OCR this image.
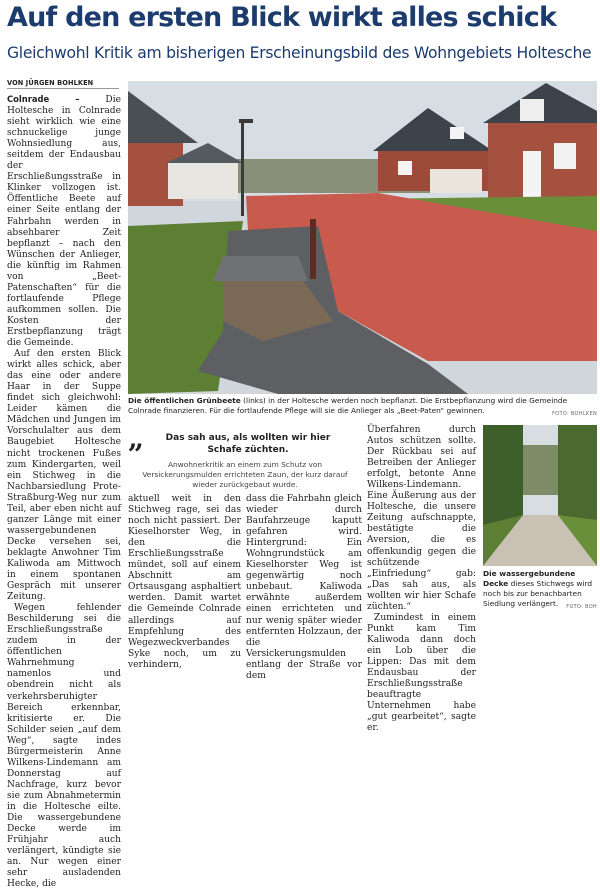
Auf den ersten Blick wirkt alles schick
Gleichwohl Kritik am bisherigen Erscheinungsbild des Wohngebiets Holtesche
VON JÜRGEN BOHLKEN

Colnrade – Die Holtesche in Colnrade sieht wirklich wie eine schnuckelige junge Wohnsiedlung aus, seitdem der Endausbau der Erschließungsstraße in Klinker vollzogen ist. Öffentliche Beete auf einer Seite entlang der Fahrbahn werden in absehbarer Zeit bepflanzt – nach den Wünschen der Anlieger, die künftig im Rahmen von „Beet-Patenschaften“ für die fortlaufende Pflege aufkommen sollen. Die Kosten der Erstbepflanzung trägt die Gemeinde.

Auf den ersten Blick wirkt alles schick, aber das eine oder andere Haar in der Suppe findet sich gleichwohl: Leider kämen die Mädchen und Jungen im Vorschulalter aus dem Baugebiet Holtesche nicht trockenen Fußes zum Kindergarten, weil ein Stichweg in die Nachbarsiedlung Prote-Straßburg-Weg nur zum Teil, aber eben nicht auf ganzer Länge mit einer wassergebundenen Decke versehen sei, beklagte Anwohner Tim Kaliwoda am Mittwoch in einem spontanen Gespräch mit unserer Zeitung.

Wegen fehlender Beschilderung sei die Erschließungsstraße zudem in der öffentlichen Wahrnehmung namenlos und obendrein nicht als verkehrsberuhigter Bereich erkennbar, kritisierte er. Die Schilder seien „auf dem Weg“, sagte indes Bürgermeisterin Anne Wilkens-Lindemann am Donnerstag auf Nachfrage, kurz bevor sie zum Abnahmetermin in die Holtesche eilte. Die wassergebundene Decke werde im Frühjahr auch verlängert, kündigte sie an. Nur wegen einer sehr ausladenden Hecke, die

Die öffentlichen Grünbeete (links) in der Holtesche werden noch bepflanzt. Die Erstbepflanzung wird die Gemeinde Colnrade finanzieren. Für die fortlaufende Pflege will sie die Anlieger als „Beet-Paten“ gewinnen.	FOTO: BOHLKEN
„	Das sah aus, als wollten wir hier Schafe züchten.
Anwohnerkritik an einem zum Schutz von Versickerungsmulden errichteten Zaun, der kurz darauf wieder zurückgebaut wurde.

aktuell weit in den Stichweg rage, sei das noch nicht passiert. Der Kieselhorster Weg, in den die Erschließungsstraße mündet, soll auf einem Abschnitt am Ortsausgang asphaltiert werden. Damit wartet die Gemeinde Colnrade allerdings auf Empfehlung des Wegezweckverbandes Syke noch, um zu verhindern,

dass die Fahrbahn gleich wieder durch Baufahrzeuge kaputt gefahren wird. Hintergrund: Ein Wohngrundstück am Kieselhorster Weg ist gegenwärtig noch unbebaut. Kaliwoda erwähnte außerdem einen errichteten und nur wenig später wieder entfernten Holzzaun, der die Versickerungsmulden entlang der Straße vor dem

Überfahren durch Autos schützen sollte. Der Rückbau sei auf Betreiben der Anlieger erfolgt, betonte Anne Wilkens-Lindemann. Eine Äußerung aus der Holtesche, die unsere Zeitung aufschnappte, bestätigte die Aversion, die es offenkundig gegen die schützende „Einfriedung“ gab: „Das sah aus, als wollten wir hier Schafe züchten.“

Zumindest in einem Punkt kam Tim Kaliwoda dann doch ein Lob über die Lippen: Das mit dem Endausbau der Erschließungsstraße beauftragte Unternehmen habe „gut gearbeitet“, sagte er.

Die wassergebundene Decke dieses Stichwegs wird noch bis zur benachbarten Siedlung verlängert. FOTO: BOH
